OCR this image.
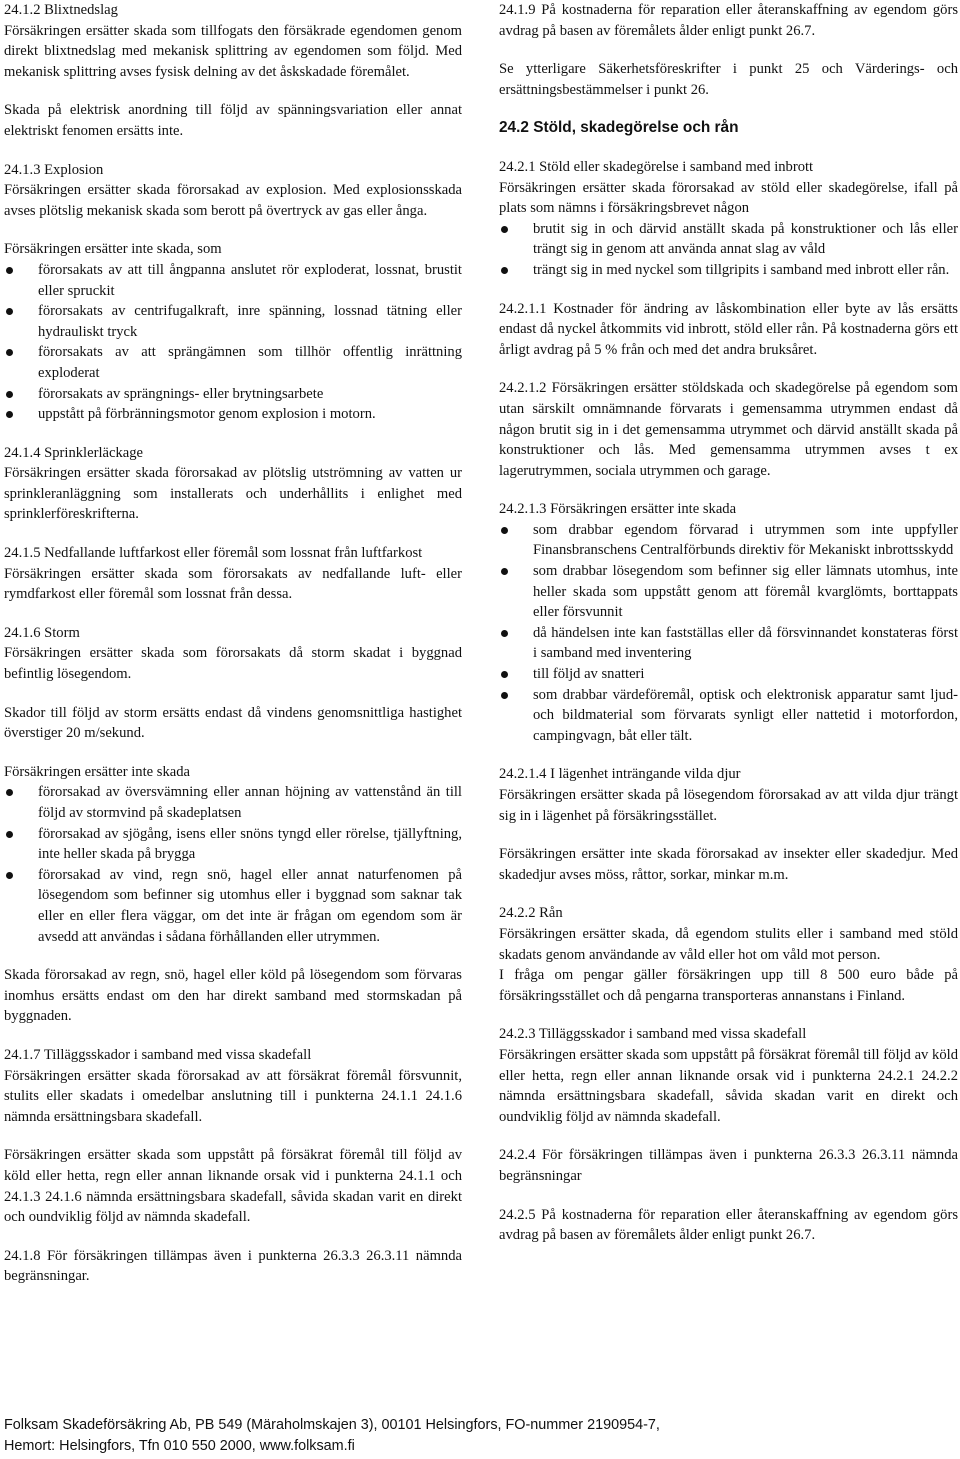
24.1.2 Blixtnedslag

Försäkringen ersätter skada som tillfogats den försäkrade egendomen genom direkt blixtnedslag med mekanisk splittring av egendomen som följd. Med mekanisk splittring avses fysisk delning av det åskskadade föremålet.

Skada på elektrisk anordning till följd av spänningsvariation eller annat elektriskt fenomen ersätts inte.

24.1.3 Explosion

Försäkringen ersätter skada förorsakad av explosion. Med explosionsskada avses plötslig mekanisk skada som berott på övertryck av gas eller ånga.

Försäkringen ersätter inte skada, som

förorsakats av att till ångpanna anslutet rör exploderat, lossnat, brustit eller spruckit
förorsakats av centrifugalkraft, inre spänning, lossnad tätning eller hydrauliskt tryck
förorsakats av att sprängämnen som tillhör offentlig inrättning exploderat
förorsakats av sprängnings- eller brytningsarbete
uppstått på förbränningsmotor genom explosion i motorn.

24.1.4 Sprinklerläckage

Försäkringen ersätter skada förorsakad av plötslig utströmning av vatten ur sprinkleranläggning som installerats och underhållits i enlighet med sprinklerföreskrifterna.

24.1.5 Nedfallande luftfarkost eller föremål som lossnat från luftfarkost

Försäkringen ersätter skada som förorsakats av nedfallande luft- eller rymdfarkost eller föremål som lossnat från dessa.

24.1.6 Storm

Försäkringen ersätter skada som förorsakats då storm skadat i byggnad befintlig lösegendom.

Skador till följd av storm ersätts endast då vindens genomsnittliga hastighet överstiger 20 m/sekund.

Försäkringen ersätter inte skada

förorsakad av översvämning eller annan höjning av vattenstånd än till följd av stormvind på skadeplatsen
förorsakad av sjögång, isens eller snöns tyngd eller rörelse, tjällyftning, inte heller skada på brygga
förorsakad av vind, regn snö, hagel eller annat naturfenomen på lösegendom som befinner sig utomhus eller i byggnad som saknar tak eller en eller flera väggar, om det inte är frågan om egendom som är avsedd att användas i sådana förhållanden eller utrymmen.

Skada förorsakad av regn, snö, hagel eller köld på lösegendom som förvaras inomhus ersätts endast om den har direkt samband med stormskadan på byggnaden.

24.1.7 Tilläggsskador i samband med vissa skadefall

Försäkringen ersätter skada förorsakad av att försäkrat föremål försvunnit, stulits eller skadats i omedelbar anslutning till i punkterna 24.1.1 24.1.6 nämnda ersättningsbara skadefall.

Försäkringen ersätter skada som uppstått på försäkrat föremål till följd av köld eller hetta, regn eller annan liknande orsak vid i punkterna 24.1.1 och 24.1.3 24.1.6 nämnda ersättningsbara skadefall, såvida skadan varit en direkt och oundviklig följd av nämnda skadefall.

24.1.8 För försäkringen tillämpas även i punkterna 26.3.3 26.3.11 nämnda begränsningar.

24.1.9 På kostnaderna för reparation eller återanskaffning av egendom görs avdrag på basen av föremålets ålder enligt punkt 26.7.

Se ytterligare Säkerhetsföreskrifter i punkt 25 och Värderings- och ersättningsbestämmelser i punkt 26.

24.2 Stöld, skadegörelse och rån

24.2.1 Stöld eller skadegörelse i samband med inbrott

Försäkringen ersätter skada förorsakad av stöld eller skadegörelse, ifall på plats som nämns i försäkringsbrevet någon

brutit sig in och därvid anställt skada på konstruktioner och lås eller trängt sig in genom att använda annat slag av våld
trängt sig in med nyckel som tillgripits i samband med inbrott eller rån.

24.2.1.1 Kostnader för ändring av låskombination eller byte av lås ersätts endast då nyckel åtkommits vid inbrott, stöld eller rån. På kostnaderna görs ett årligt avdrag på 5 % från och med det andra bruksåret.

24.2.1.2 Försäkringen ersätter stöldskada och skadegörelse på egendom som utan särskilt omnämnande förvarats i gemensamma utrymmen endast då någon brutit sig in i det gemensamma utrymmet och därvid anställt skada på konstruktioner och lås. Med gemensamma utrymmen avses t ex lagerutrymmen, sociala utrymmen och garage.

24.2.1.3 Försäkringen ersätter inte skada

som drabbar egendom förvarad i utrymmen som inte uppfyller Finansbranschens Centralförbunds direktiv för Mekaniskt inbrottsskydd
som drabbar lösegendom som befinner sig eller lämnats utomhus, inte heller skada som uppstått genom att föremål kvarglömts, borttappats eller försvunnit
då händelsen inte kan fastställas eller då försvinnandet konstateras först i samband med inventering
till följd av snatteri
som drabbar värdeföremål, optisk och elektronisk apparatur samt ljud- och bildmaterial som förvarats synligt eller nattetid i motorfordon, campingvagn, båt eller tält.

24.2.1.4 I lägenhet inträngande vilda djur

Försäkringen ersätter skada på lösegendom förorsakad av att vilda djur trängt sig in i lägenhet på försäkringsstället.

Försäkringen ersätter inte skada förorsakad av insekter eller skadedjur. Med skadedjur avses möss, råttor, sorkar, minkar m.m.

24.2.2 Rån

Försäkringen ersätter skada, då egendom stulits eller i samband med stöld skadats genom användande av våld eller hot om våld mot person.

I fråga om pengar gäller försäkringen upp till 8 500 euro både på försäkringsstället och då pengarna transporteras annanstans i Finland.

24.2.3 Tilläggsskador i samband med vissa skadefall

Försäkringen ersätter skada som uppstått på försäkrat föremål till följd av köld eller hetta, regn eller annan liknande orsak vid i punkterna 24.2.1 24.2.2 nämnda ersättningsbara skadefall, såvida skadan varit en direkt och oundviklig följd av nämnda skadefall.

24.2.4 För försäkringen tillämpas även i punkterna 26.3.3 26.3.11 nämnda begränsningar

24.2.5 På kostnaderna för reparation eller återanskaffning av egendom görs avdrag på basen av föremålets ålder enligt punkt 26.7.

Folksam Skadeförsäkring Ab, PB 549 (Märaholmskajen 3), 00101 Helsingfors, FO-nummer 2190954-7,
Hemort: Helsingfors, Tfn 010 550 2000, www.folksam.fi
